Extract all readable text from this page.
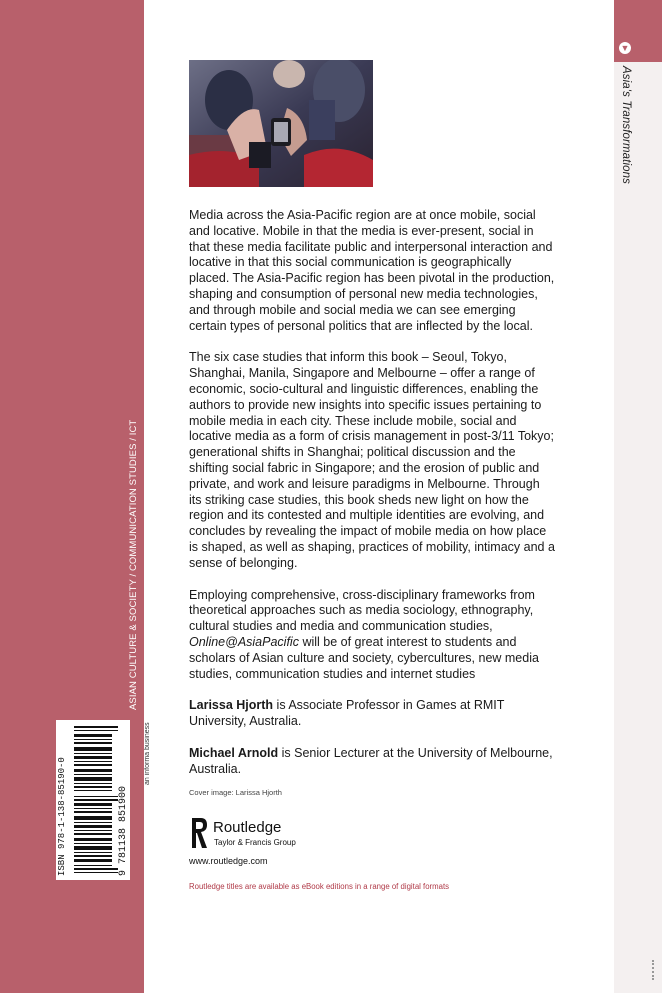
▼
Asia's Transformations
ASIAN CULTURE & SOCIETY / COMMUNICATION STUDIES / ICT
ISBN 978-1-138-85190-0	9 781138 851900
an informa business

Media across the Asia-Pacific region are at once mobile, social and locative. Mobile in that the media is ever-present, social in that these media facilitate public and interpersonal interaction and locative in that this social communication is geographically placed. The Asia-Pacific region has been pivotal in the production, shaping and consumption of personal new media technologies, and through mobile and social media we can see emerging certain types of personal politics that are inflected by the local.

The six case studies that inform this book – Seoul, Tokyo, Shanghai, Manila, Singapore and Melbourne – offer a range of economic, socio-cultural and linguistic differences, enabling the authors to provide new insights into specific issues pertaining to mobile media in each city. These include mobile, social and locative media as a form of crisis management in post-3/11 Tokyo; generational shifts in Shanghai; political discussion and the shifting social fabric in Singapore; and the erosion of public and private, and work and leisure paradigms in Melbourne. Through its striking case studies, this book sheds new light on how the region and its contested and multiple identities are evolving, and concludes by revealing the impact of mobile media on how place is shaped, as well as shaping, practices of mobility, intimacy and a sense of belonging.

Employing comprehensive, cross-disciplinary frameworks from theoretical approaches such as media sociology, ethnography, cultural studies and media and communication studies, Online@AsiaPacific will be of great interest to students and scholars of Asian culture and society, cybercultures, new media studies, communication studies and internet studies

Larissa Hjorth is Associate Professor in Games at RMIT University, Australia.

Michael Arnold is Senior Lecturer at the University of Melbourne, Australia.

Cover image: Larissa Hjorth
Routledge
Taylor & Francis Group
www.routledge.com
Routledge titles are available as eBook editions in a range of digital formats
